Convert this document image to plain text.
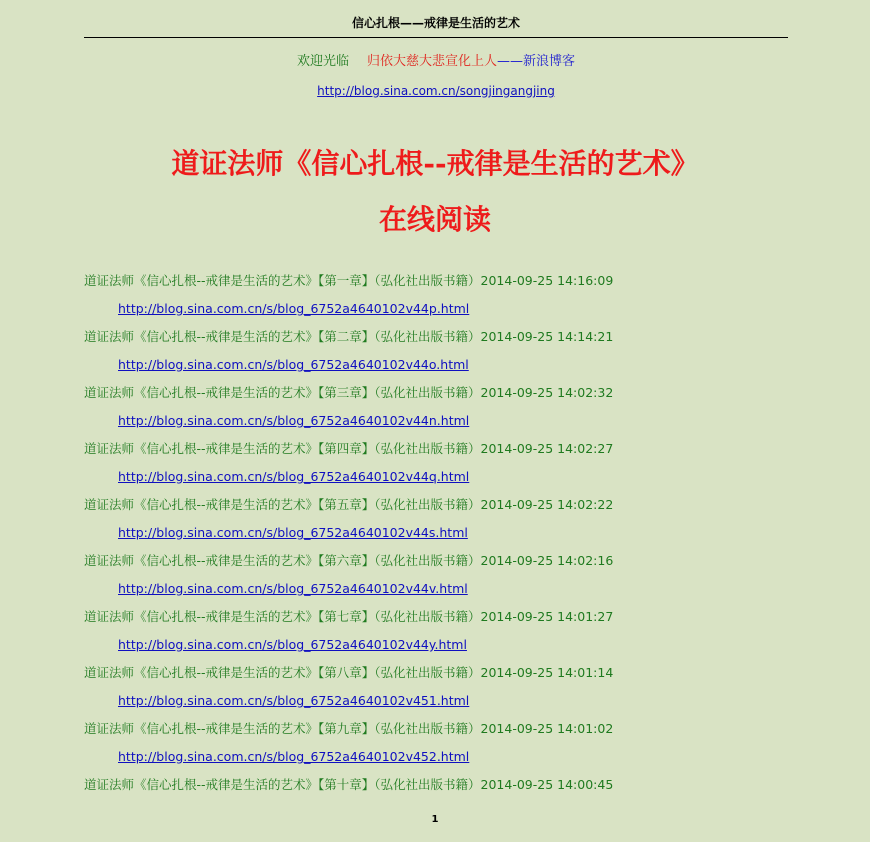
信心扎根——戒律是生活的艺术
欢迎光临 归依大慈大悲宣化上人——新浪博客
http://blog.sina.com.cn/songjingangjing
道证法师《信心扎根--戒律是生活的艺术》
在线阅读
道证法师《信心扎根--戒律是生活的艺术》【第一章】（弘化社出版书籍）2014-09-25 14:16:09
http://blog.sina.com.cn/s/blog_6752a4640102v44p.html
道证法师《信心扎根--戒律是生活的艺术》【第二章】（弘化社出版书籍）2014-09-25 14:14:21
http://blog.sina.com.cn/s/blog_6752a4640102v44o.html
道证法师《信心扎根--戒律是生活的艺术》【第三章】（弘化社出版书籍）2014-09-25 14:02:32
http://blog.sina.com.cn/s/blog_6752a4640102v44n.html
道证法师《信心扎根--戒律是生活的艺术》【第四章】（弘化社出版书籍）2014-09-25 14:02:27
http://blog.sina.com.cn/s/blog_6752a4640102v44q.html
道证法师《信心扎根--戒律是生活的艺术》【第五章】（弘化社出版书籍）2014-09-25 14:02:22
http://blog.sina.com.cn/s/blog_6752a4640102v44s.html
道证法师《信心扎根--戒律是生活的艺术》【第六章】（弘化社出版书籍）2014-09-25 14:02:16
http://blog.sina.com.cn/s/blog_6752a4640102v44v.html
道证法师《信心扎根--戒律是生活的艺术》【第七章】（弘化社出版书籍）2014-09-25 14:01:27
http://blog.sina.com.cn/s/blog_6752a4640102v44y.html
道证法师《信心扎根--戒律是生活的艺术》【第八章】（弘化社出版书籍）2014-09-25 14:01:14
http://blog.sina.com.cn/s/blog_6752a4640102v451.html
道证法师《信心扎根--戒律是生活的艺术》【第九章】（弘化社出版书籍）2014-09-25 14:01:02
http://blog.sina.com.cn/s/blog_6752a4640102v452.html
道证法师《信心扎根--戒律是生活的艺术》【第十章】（弘化社出版书籍）2014-09-25 14:00:45
1
